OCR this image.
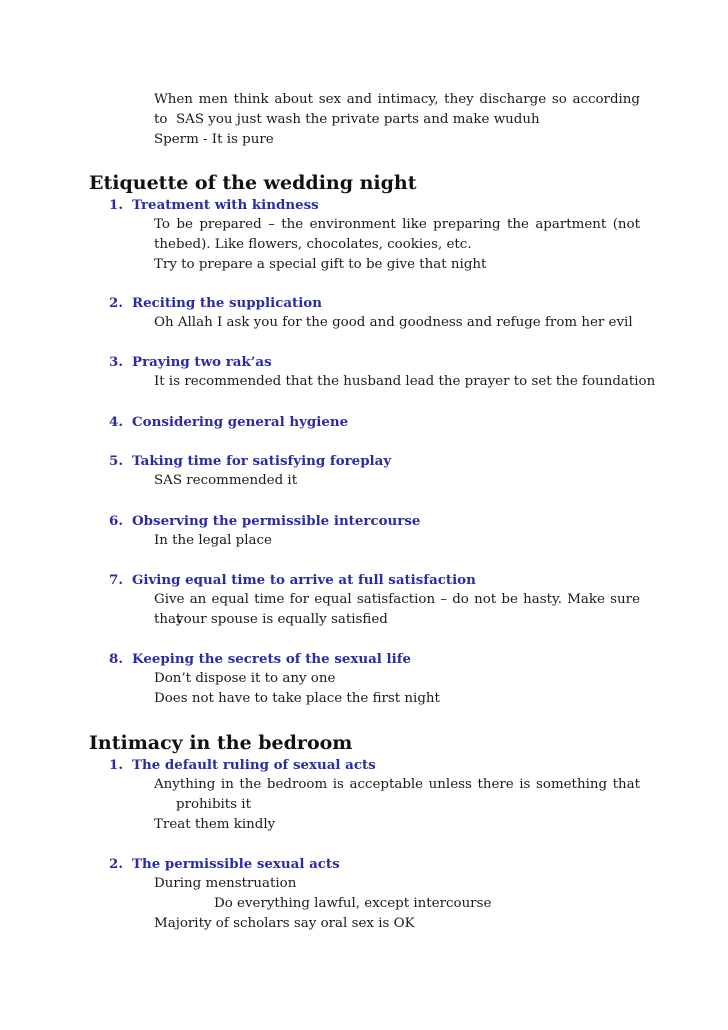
When men think about sex and intimacy, they discharge so according to SAS you just wash the private parts and make wuduh
Sperm - It is pure
Etiquette of the wedding night
1. Treatment with kindness
To be prepared – the environment like preparing the apartment (not the bed). Like flowers, chocolates, cookies, etc.
Try to prepare a special gift to be give that night
2. Reciting the supplication
Oh Allah I ask you for the good and goodness and refuge from her evil
3. Praying two rak’as
It is recommended that the husband lead the prayer to set the foundation
4. Considering general hygiene
5. Taking time for satisfying foreplay
SAS recommended it
6. Observing the permissible intercourse
In the legal place
7. Giving equal time to arrive at full satisfaction
Give an equal time for equal satisfaction – do not be hasty. Make sure that
your spouse is equally satisfied
8. Keeping the secrets of the sexual life
Don’t dispose it to any one
Does not have to take place the first night
Intimacy in the bedroom
1. The default ruling of sexual acts
Anything in the bedroom is acceptable unless there is something that
prohibits it
Treat them kindly
2. The permissible sexual acts
During menstruation
Do everything lawful, except intercourse
Majority of scholars say oral sex is OK
